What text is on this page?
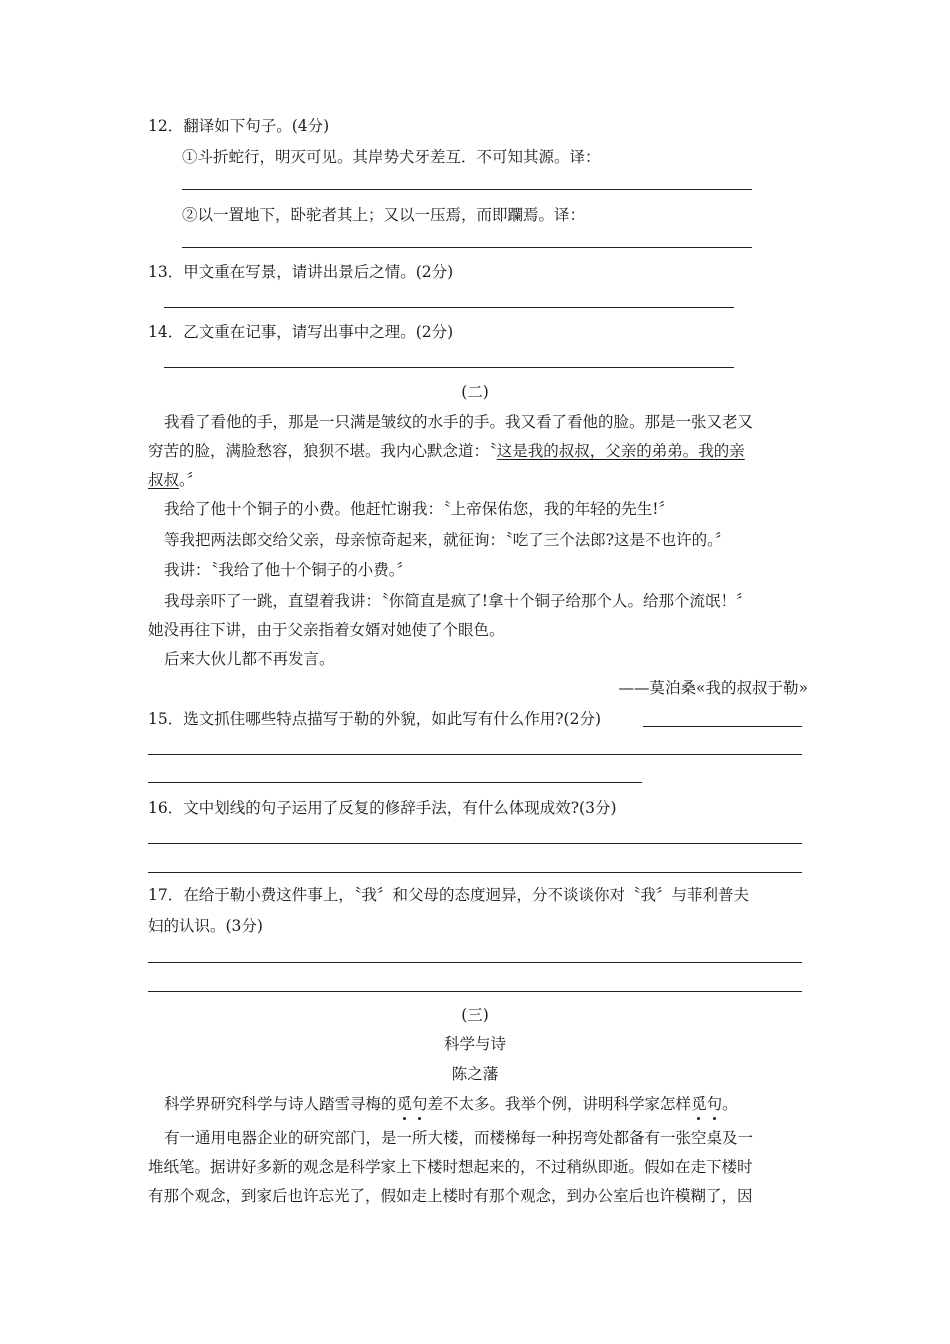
12．翻译如下句子。(4分)
①斗折蛇行，明灭可见。其岸势犬牙差互．不可知其源。译：
②以一置地下，卧驼者其上；又以一压焉，而即躝焉。译：
13．甲文重在写景，请讲出景后之情。(2分)
14．乙文重在记事，请写出事中之理。(2分)
(二)
我看了看他的手，那是一只满是皱纹的水手的手。我又看了看他的脸。那是一张又老又
穷苦的脸，满脸愁容，狼狈不堪。我内心默念道：〝这是我的叔叔，父亲的弟弟。我的亲
叔叔。〞
我给了他十个铜子的小费。他赶忙谢我：〝上帝保佑您，我的年轻的先生!〞
等我把两法郎交给父亲，母亲惊奇起来，就征询：〝吃了三个法郎?这是不也许的。〞
我讲：〝我给了他十个铜子的小费。〞
我母亲吓了一跳，直望着我讲：〝你简直是疯了!拿十个铜子给那个人。给那个流氓！〞
她没再往下讲，由于父亲指着女婿对她使了个眼色。
后来大伙儿都不再发言。
——莫泊桑«我的叔叔于勒»
15．选文抓住哪些特点描写于勒的外貌，如此写有什么作用?(2分)
16．文中划线的句子运用了反复的修辞手法，有什么体现成效?(3分)
17．在给于勒小费这件事上，〝我〞和父母的态度迥异，分不谈谈你对〝我〞与菲利普夫
妇的认识。(3分)
(三)
科学与诗
陈之藩
科学界研究科学与诗人踏雪寻梅的觅句差不太多。我举个例，讲明科学家怎样觅句。
有一通用电器企业的研究部门，是一所大楼，而楼梯每一种拐弯处都备有一张空桌及一
堆纸笔。据讲好多新的观念是科学家上下楼时想起来的，不过稍纵即逝。假如在走下楼时
有那个观念，到家后也许忘光了，假如走上楼时有那个观念，到办公室后也许模糊了，因
